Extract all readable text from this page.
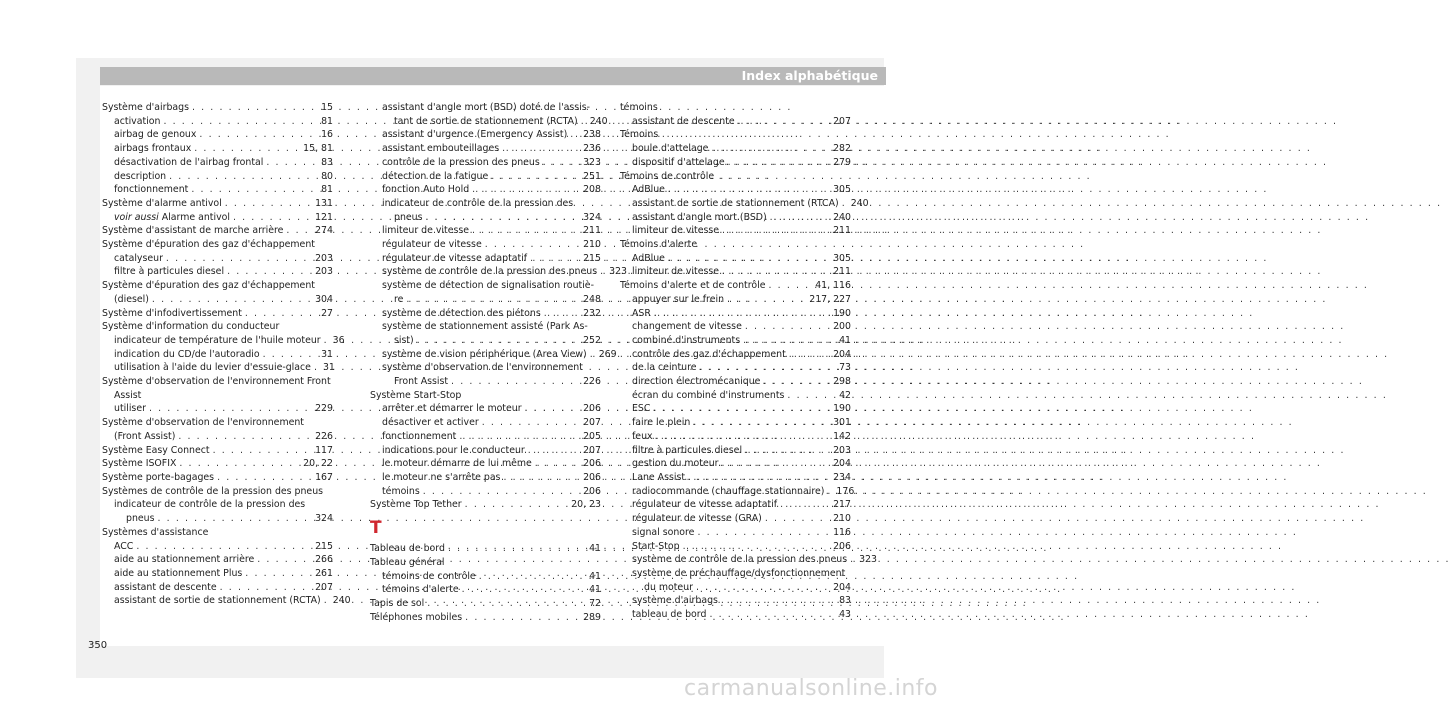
Index alphabétique
Système d'airbags . . .	15
activation . . .	81
airbag de genoux . . .	16
airbags frontaux . . .	15, 81
désactivation de l'airbag frontal . . .	83
description . . .	80
fonctionnement . . .	81
Système d'alarme antivol . . .	131
voir aussi Alarme antivol . . .	121
Système d'assistant de marche arrière . . .	274
Système d'épuration des gaz d'échappement
catalyseur . . .	203
filtre à particules diesel . . .	203
Système d'épuration des gaz d'échappement
(diesel) . . .	304
Système d'infodivertissement . . .	27
Système d'information du conducteur
indicateur de température de l'huile moteur . . . 36
indication du CD/de l'autoradio . . .	31
utilisation à l'aide du levier d'essuie-glace . . . 31
Système d'observation de l'environnement Front
Assist
utiliser . . .	229
Système d'observation de l'environnement
(Front Assist) . . .	226
Système Easy Connect . . .	117
Système ISOFIX . . .	20, 22
Système porte-bagages . . .	167
Systèmes de contrôle de la pression des pneus
indicateur de contrôle de la pression des
pneus . . .	324
Systèmes d'assistance
ACC . . .	215
aide au stationnement arrière . . .	266
aide au stationnement Plus . . .	261
assistant de descente . . .	207
assistant de sortie de stationnement (RCTA) . . . 240
assistant d'angle mort (BSD) doté de l'assis-
tant de sortie de stationnement (RCTA) . . . 240
assistant d'urgence (Emergency Assist) . . . 238
assistant embouteillages . . .	236
contrôle de la pression des pneus . . .	323
détection de la fatigue . . .	251
fonction Auto Hold . . .	208
indicateur de contrôle de la pression des
pneus . . .	324
limiteur de vitesse . . .	211
régulateur de vitesse . . .	210
régulateur de vitesse adaptatif . . .	215
système de contrôle de la pression des pneus . . . 323
système de détection de signalisation routiè-
re . . .	248
système de détection des piétons . . .	232
système de stationnement assisté (Park As-
sist) . . .	252
système de vision périphérique (Area View) . . . 269
système d'observation de l'environnement
Front Assist . . .	226
Système Start-Stop
arrêter et démarrer le moteur . . .	206
désactiver et activer . . .	207
fonctionnement . . .	205
indications pour le conducteur . . .	207
le moteur démarre de lui même . . .	206
le moteur ne s'arrête pas . . .	206
témoins . . .	206
Système Top Tether . . .	20, 23
T
Tableau de bord . . .	41
Tableau général
témoins de contrôle . . .	41
témoins d'alerte . . .	41
Tapis de sol . . .	72
Téléphones mobiles . . .	289
témoins
assistant de descente . . .	207
Témoins
boule d'attelage . . .	282
dispositif d'attelage . . .	279
Témoins de contrôle
AdBlue . . .	305
assistant de sortie de stationnement (RTCA) . . . 240
assistant d'angle mort (BSD) . . .	240
limiteur de vitesse . . .	211
Témoins d'alerte
AdBlue . . .	305
limiteur de vitesse . . .	211
Témoins d'alerte et de contrôle . . .	41, 116
appuyer sur le frein . . .	217, 227
ASR . . .	190
changement de vitesse . . .	200
combiné d'instruments . . .	41
contrôle des gaz d'échappement . . .	204
de la ceinture . . .	73
direction électromécanique . . .	298
écran du combiné d'instruments . . .	42
ESC . . .	190
faire le plein . . .	301
feux . . .	142
filtre à particules diesel . . .	203
gestion du moteur . . .	204
Lane Assist . . .	234
radiocommande (chauffage stationnaire) . . . 176
régulateur de vitesse adaptatif . . .	217
régulateur de vitesse (GRA) . . .	210
signal sonore . . .	116
Start-Stop . . .	206
système de contrôle de la pression des pneus . . . 323
système de préchauffage/dysfonctionnement
du moteur . . .	204
système d'airbags . . .	83
tableau de bord . . .	43
350
carmanualsonline.info
